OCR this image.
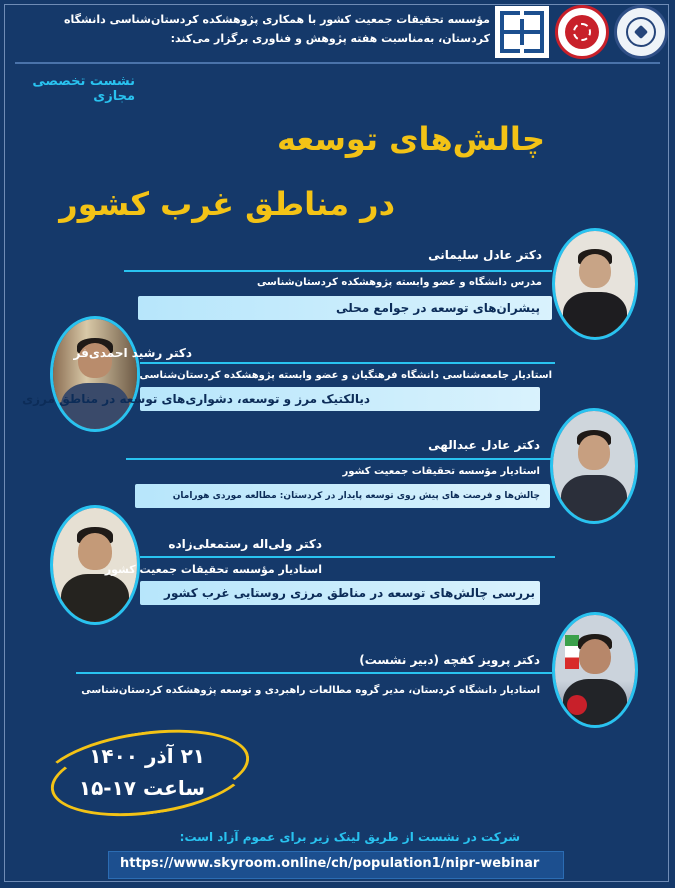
مؤسسه تحقیقات جمعیت کشور با همکاری پژوهشکده کردستان‌شناسی دانشگاه
کردستان، به‌مناسبت هفته پژوهش و فناوری برگزار می‌کند:
نشست تخصصی مجازی
چالش‌های توسعه
در مناطق غرب کشور
دکتر عادل سلیمانی
مدرس دانشگاه و عضو وابسته پژوهشکده کردستان‌شناسی
پیشران‌های توسعه در جوامع محلی
دکتر رشید احمدی‌فر
استادیار جامعه‌شناسی دانشگاه فرهنگیان و عضو وابسته پژوهشکده کردستان‌شناسی
دیالکتیک مرز و توسعه، دشواری‌های توسعه در مناطق مرزی
دکتر عادل عبدالهی
استادیار مؤسسه تحقیقات جمعیت کشور
چالش‌ها و فرصت های پیش روی توسعه پایدار در کردستان: مطالعه موردی هورامان
دکتر ولی‌اله رستمعلی‌زاده
استادیار مؤسسه تحقیقات جمعیت کشور
بررسی چالش‌های توسعه در مناطق مرزی روستایی غرب کشور
دکتر پرویز کفچه (دبیر نشست)
استادیار دانشگاه کردستان، مدیر گروه مطالعات راهبردی و توسعه پژوهشکده کردستان‌شناسی
۲۱ آذر ۱۴۰۰
ساعت ۱۷-۱۵
شرکت در نشست از طریق لینک زیر برای عموم آزاد است:
https://www.skyroom.online/ch/population1/nipr-webinar
